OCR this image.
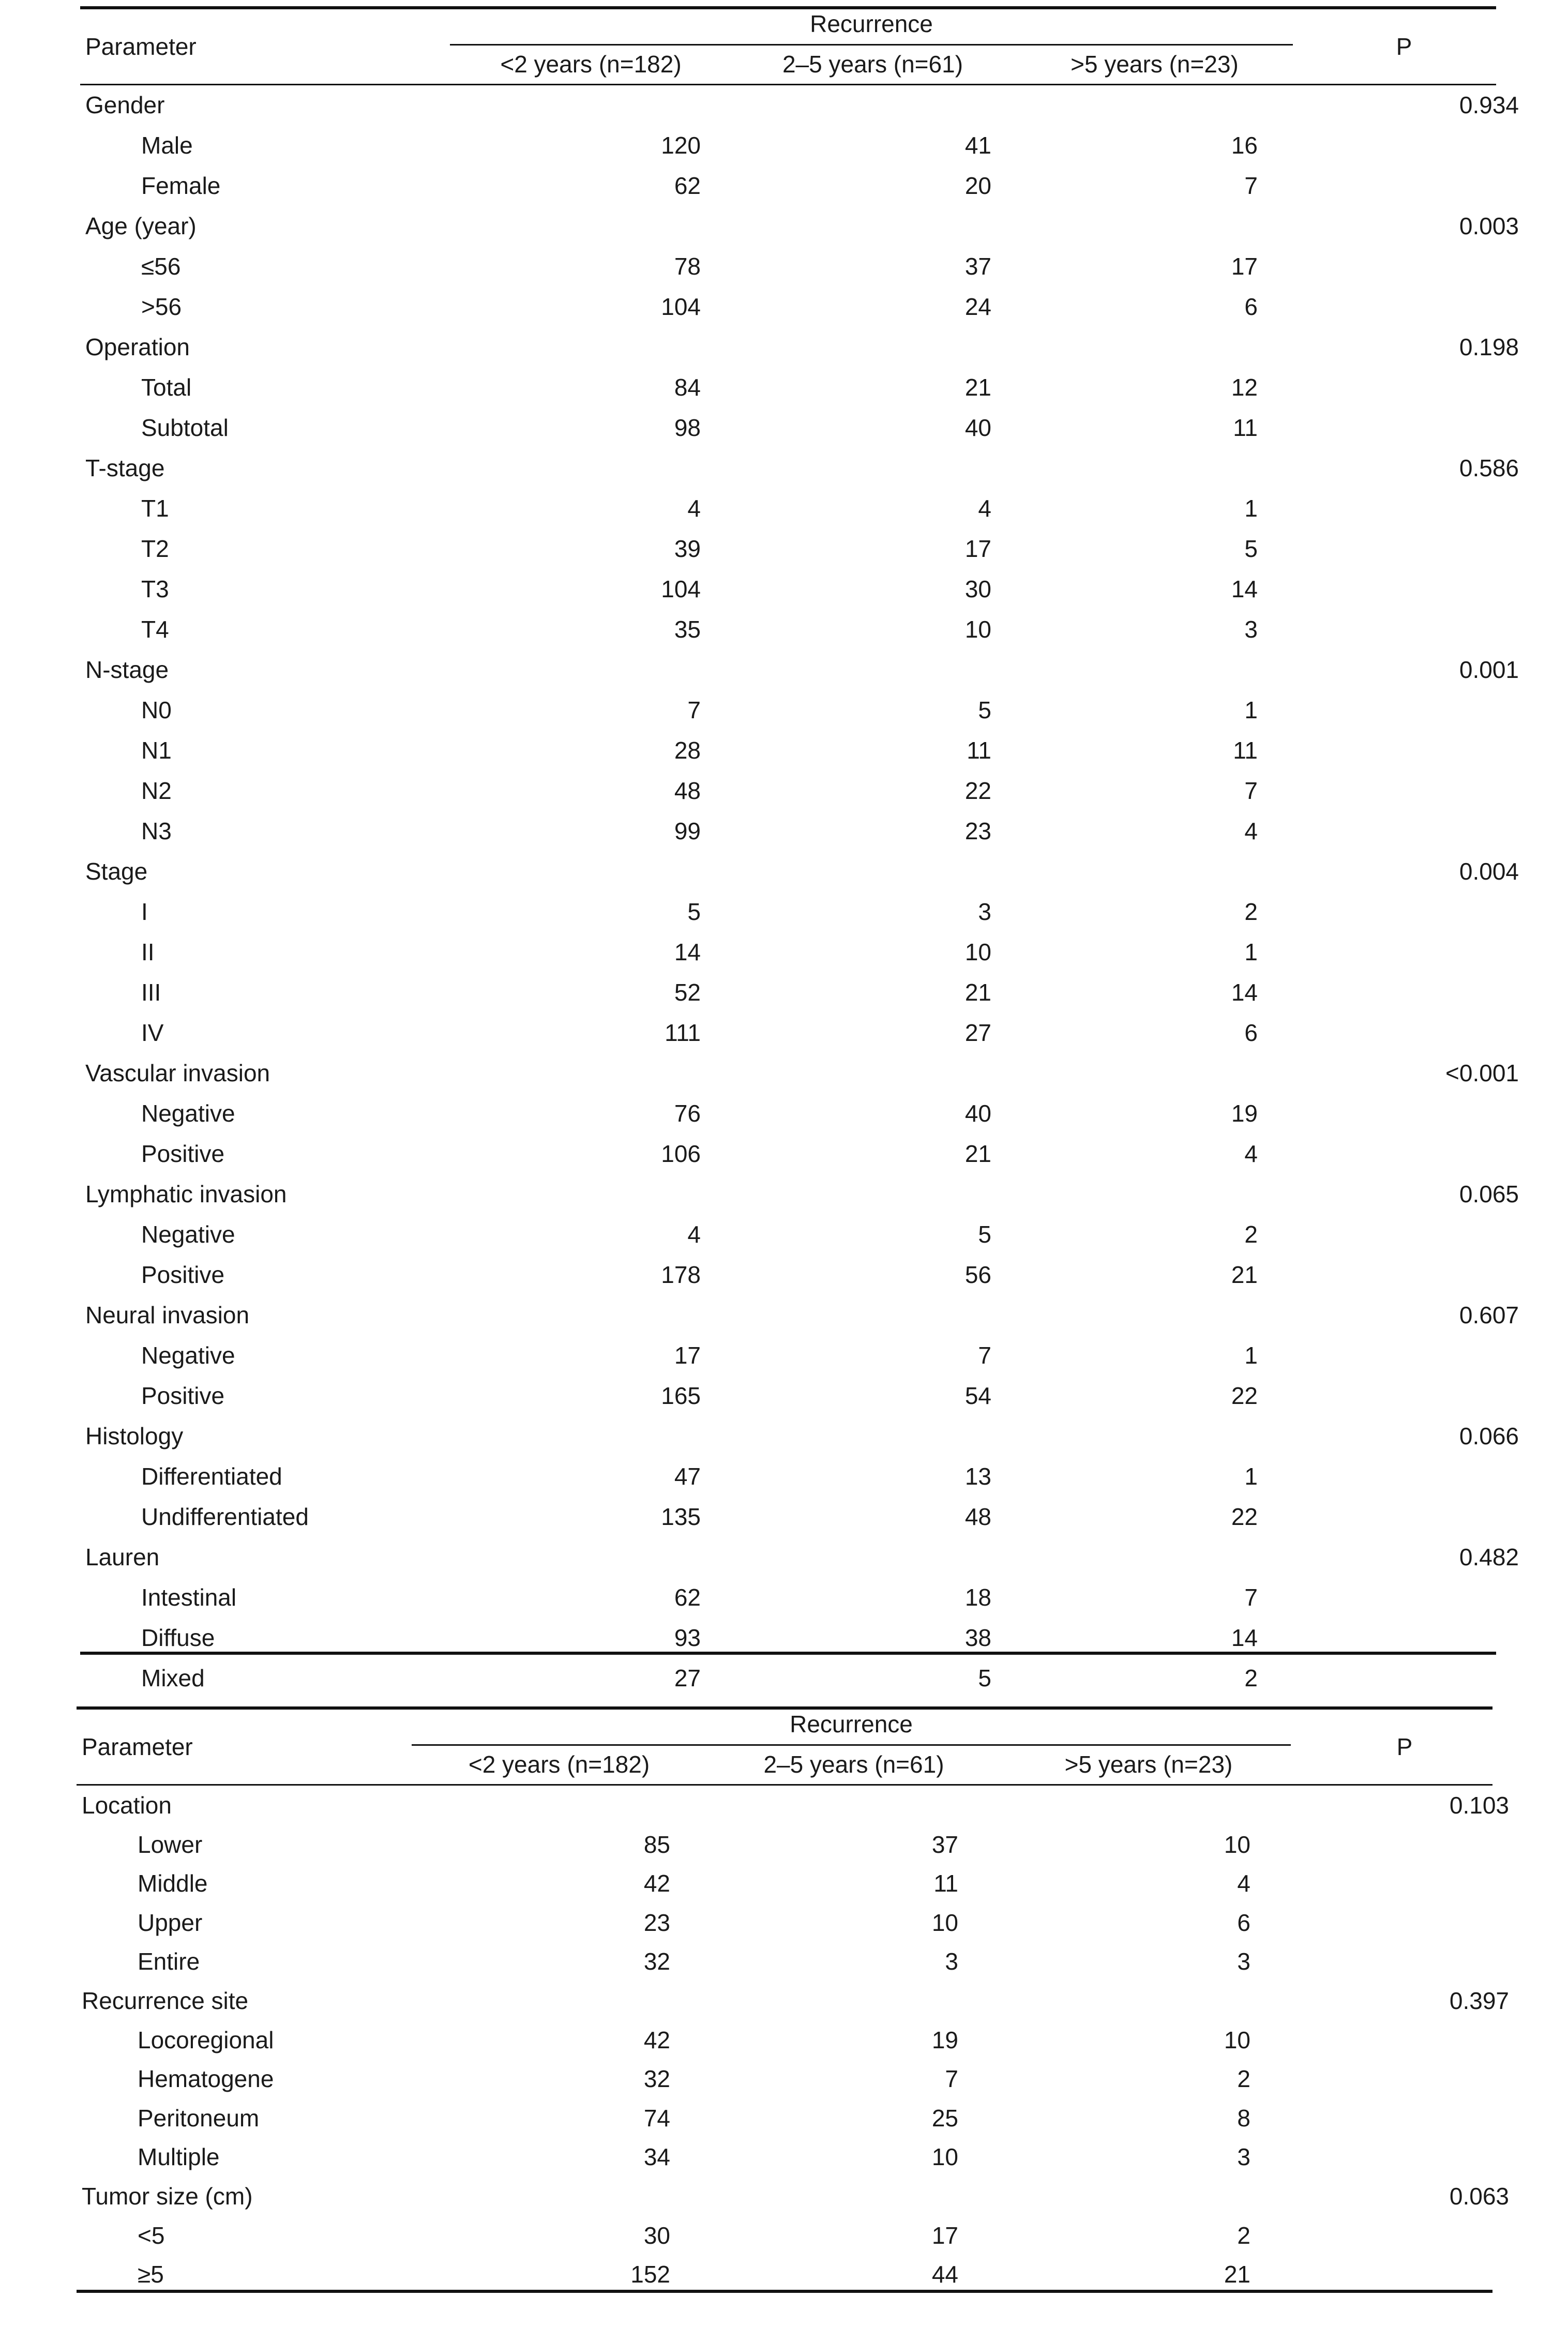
Parameter
Recurrence
<2 years (n=182)	2–5 years (n=61)	>5 years (n=23)
P
Gender	0.934
Male	120	41	16
Female	62	20	7
Age (year)	0.003
≤56	78	37	17
>56	104	24	6
Operation	0.198
Total	84	21	12
Subtotal	98	40	11
T-stage	0.586
T1	4	4	1
T2	39	17	5
T3	104	30	14
T4	35	10	3
N-stage	0.001
N0	7	5	1
N1	28	11	11
N2	48	22	7
N3	99	23	4
Stage	0.004
I	5	3	2
II	14	10	1
III	52	21	14
IV	111	27	6
Vascular invasion	<0.001
Negative	76	40	19
Positive	106	21	4
Lymphatic invasion	0.065
Negative	4	5	2
Positive	178	56	21
Neural invasion	0.607
Negative	17	7	1
Positive	165	54	22
Histology	0.066
Differentiated	47	13	1
Undifferentiated	135	48	22
Lauren	0.482
Intestinal	62	18	7
Diffuse	93	38	14
Mixed	27	5	2
Parameter
Recurrence
<2 years (n=182)	2–5 years (n=61)	>5 years (n=23)
P
Location	0.103
Lower	85	37	10
Middle	42	11	4
Upper	23	10	6
Entire	32	3	3
Recurrence site	0.397
Locoregional	42	19	10
Hematogene	32	7	2
Peritoneum	74	25	8
Multiple	34	10	3
Tumor size (cm)	0.063
<5	30	17	2
≥5	152	44	21
